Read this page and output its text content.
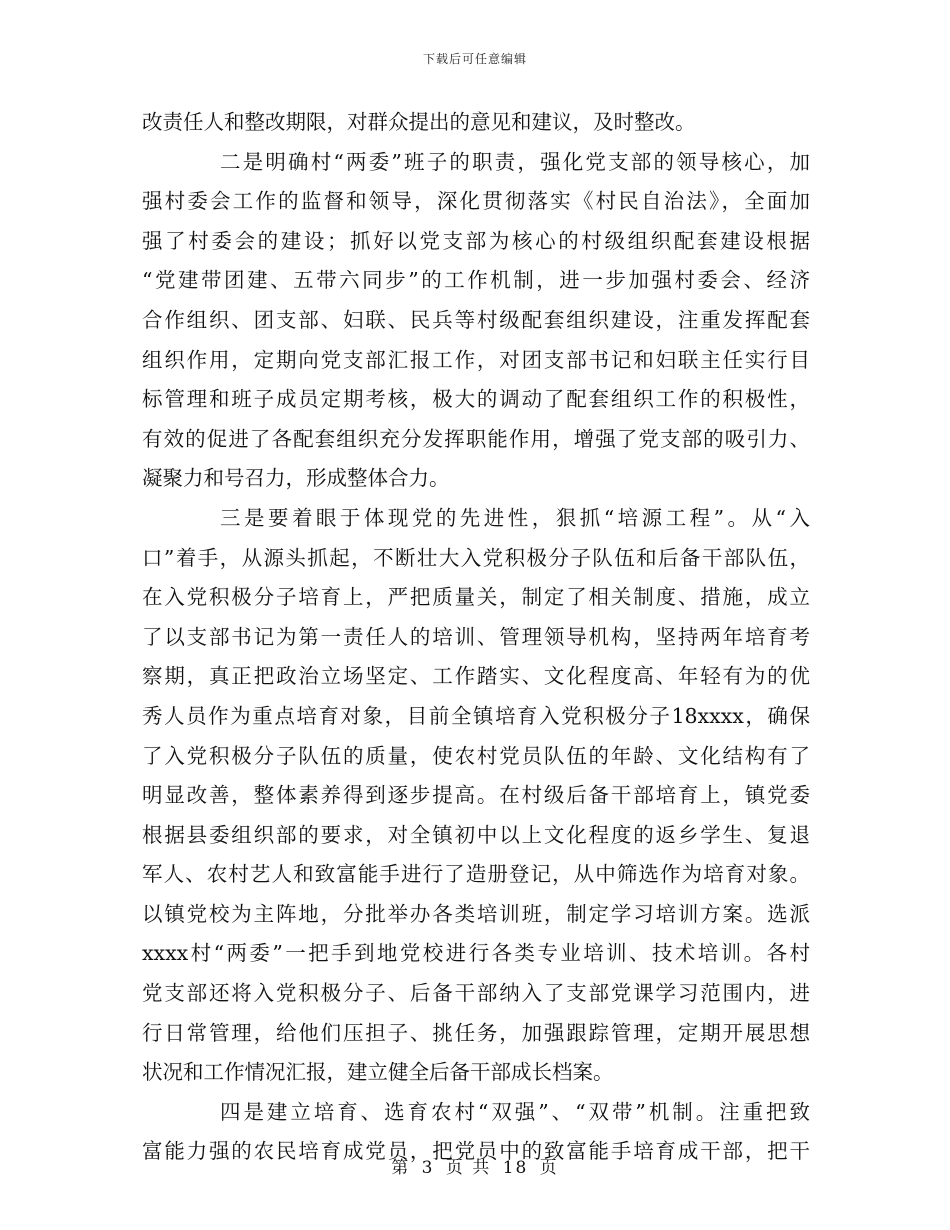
下载后可任意编辑
改责任人和整改期限，对群众提出的意见和建议，及时整改。
二是明确村“两委”班子的职责，强化党支部的领导核心，加
强村委会工作的监督和领导，深化贯彻落实《村民自治法》，全面加
强了村委会的建设；抓好以党支部为核心的村级组织配套建设根据
“党建带团建、五带六同步”的工作机制，进一步加强村委会、经济
合作组织、团支部、妇联、民兵等村级配套组织建设，注重发挥配套
组织作用，定期向党支部汇报工作，对团支部书记和妇联主任实行目
标管理和班子成员定期考核，极大的调动了配套组织工作的积极性，
有效的促进了各配套组织充分发挥职能作用，增强了党支部的吸引力、
凝聚力和号召力，形成整体合力。
三是要着眼于体现党的先进性，狠抓“培源工程”。从“入
口”着手，从源头抓起，不断壮大入党积极分子队伍和后备干部队伍，
在入党积极分子培育上，严把质量关，制定了相关制度、措施，成立
了以支部书记为第一责任人的培训、管理领导机构，坚持两年培育考
察期，真正把政治立场坚定、工作踏实、文化程度高、年轻有为的优
秀人员作为重点培育对象，目前全镇培育入党积极分子18xxxx，确保
了入党积极分子队伍的质量，使农村党员队伍的年龄、文化结构有了
明显改善，整体素养得到逐步提高。在村级后备干部培育上，镇党委
根据县委组织部的要求，对全镇初中以上文化程度的返乡学生、复退
军人、农村艺人和致富能手进行了造册登记，从中筛选作为培育对象。
以镇党校为主阵地，分批举办各类培训班，制定学习培训方案。选派
xxxx村“两委”一把手到地党校进行各类专业培训、技术培训。各村
党支部还将入党积极分子、后备干部纳入了支部党课学习范围内，进
行日常管理，给他们压担子、挑任务，加强跟踪管理，定期开展思想
状况和工作情况汇报，建立健全后备干部成长档案。
四是建立培育、选育农村“双强”、“双带”机制。注重把致
富能力强的农民培育成党员，把党员中的致富能手培育成干部，把干
第 3 页 共 18 页
